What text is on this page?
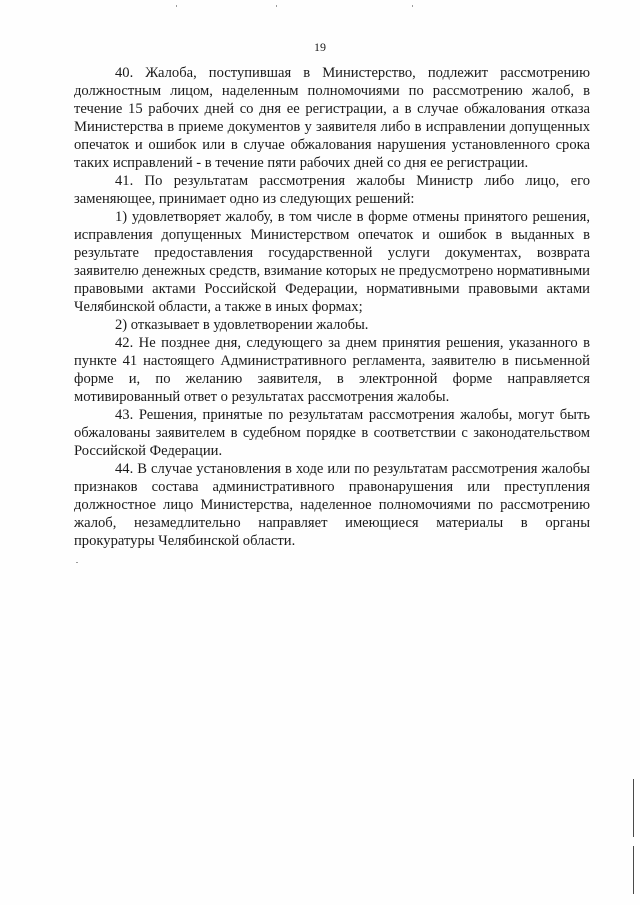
19

40. Жалоба, поступившая в Министерство, подлежит рассмотрению должностным лицом, наделенным полномочиями по рассмотрению жалоб, в течение 15 рабочих дней со дня ее регистрации, а в случае обжалования отказа Министерства в приеме документов у заявителя либо в исправлении допущенных опечаток и ошибок или в случае обжалования нарушения установленного срока таких исправлений - в течение пяти рабочих дней со дня ее регистрации.

41. По результатам рассмотрения жалобы Министр либо лицо, его заменяющее, принимает одно из следующих решений:

1) удовлетворяет жалобу, в том числе в форме отмены принятого решения, исправления допущенных Министерством опечаток и ошибок в выданных в результате предоставления государственной услуги документах, возврата заявителю денежных средств, взимание которых не предусмотрено нормативными правовыми актами Российской Федерации, нормативными правовыми актами Челябинской области, а также в иных формах;

2) отказывает в удовлетворении жалобы.

42. Не позднее дня, следующего за днем принятия решения, указанного в пункте 41 настоящего Административного регламента, заявителю в письменной форме и, по желанию заявителя, в электронной форме направляется мотивированный ответ о результатах рассмотрения жалобы.

43. Решения, принятые по результатам рассмотрения жалобы, могут быть обжалованы заявителем в судебном порядке в соответствии с законодательством Российской Федерации.

44. В случае установления в ходе или по результатам рассмотрения жалобы признаков состава административного правонарушения или преступления должностное лицо Министерства, наделенное полномочиями по рассмотрению жалоб, незамедлительно направляет имеющиеся материалы в органы прокуратуры Челябинской области.
